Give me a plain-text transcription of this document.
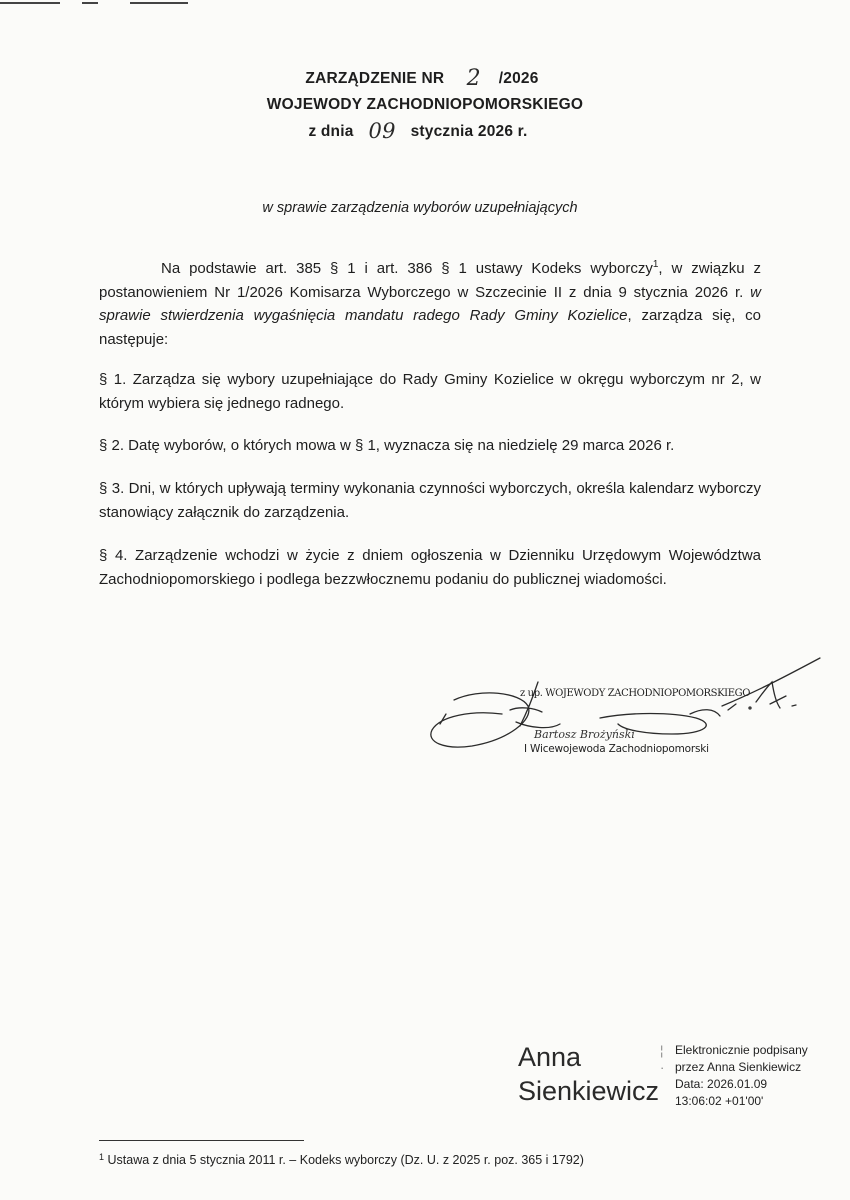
ZARZĄDZENIE NR 2 /2026
WOJEWODY ZACHODNIOPOMORSKIEGO
z dnia 09 stycznia 2026 r.
w sprawie zarządzenia wyborów uzupełniających

Na podstawie art. 385 § 1 i art. 386 § 1 ustawy Kodeks wyborczy$^1$, w związku z postanowieniem Nr 1/2026 Komisarza Wyborczego w Szczecinie II z dnia 9 stycznia 2026 r. w sprawie stwierdzenia wygaśnięcia mandatu radego Rady Gminy Kozielice, zarządza się, co następuje:

§ 1. Zarządza się wybory uzupełniające do Rady Gminy Kozielice w okręgu wyborczym nr 2, w którym wybiera się jednego radnego.

§ 2. Datę wyborów, o których mowa w § 1, wyznacza się na niedzielę 29 marca 2026 r.

§ 3. Dni, w których upływają terminy wykonania czynności wyborczych, określa kalendarz wyborczy stanowiący załącznik do zarządzenia.

§ 4. Zarządzenie wchodzi w życie z dniem ogłoszenia w Dzienniku Urzędowym Województwa Zachodniopomorskiego i podlega bezzwłocznemu podaniu do publicznej wiadomości.

z up. WOJEWODY ZACHODNIOPOMORSKIEGO
Bartosz Brożyński
I Wicewojewoda Zachodniopomorski
Anna
Sienkiewicz
¦
·
Elektronicznie podpisany
przez Anna Sienkiewicz
Data: 2026.01.09
13:06:02 +01'00'
$^1$ Ustawa z dnia 5 stycznia 2011 r. – Kodeks wyborczy (Dz. U. z 2025 r. poz. 365 i 1792)
